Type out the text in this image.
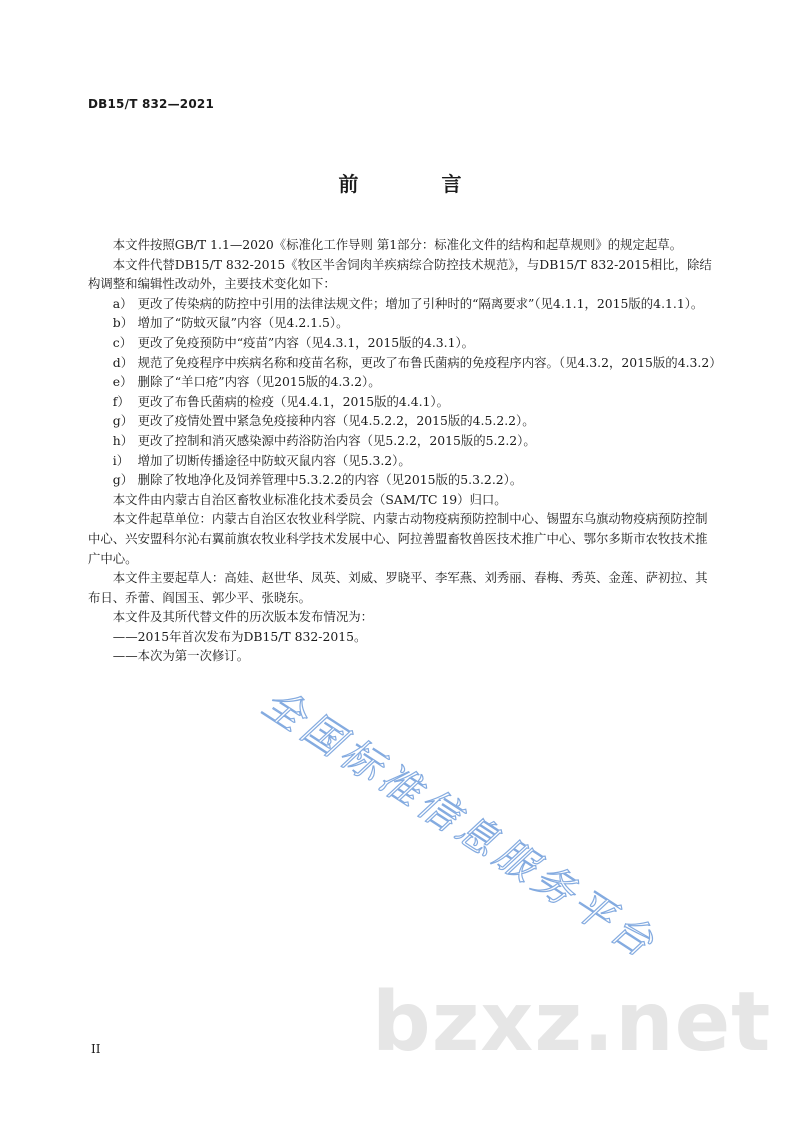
DB15/T 832—2021
前 言

本文件按照GB/T 1.1—2020《标准化工作导则 第1部分：标准化文件的结构和起草规则》的规定起草。

本文件代替DB15/T 832-2015《牧区半舍饲肉羊疾病综合防控技术规范》，与DB15/T 832-2015相比，除结构调整和编辑性改动外，主要技术变化如下：

a） 更改了传染病的防控中引用的法律法规文件；增加了引种时的“隔离要求”（见4.1.1，2015版的4.1.1）。
b） 增加了“防蚊灭鼠”内容（见4.2.1.5）。
c） 更改了免疫预防中“疫苗”内容（见4.3.1，2015版的4.3.1）。
d） 规范了免疫程序中疾病名称和疫苗名称，更改了布鲁氏菌病的免疫程序内容。（见4.3.2，2015版的4.3.2）
e） 删除了“羊口疮”内容（见2015版的4.3.2）。
f） 更改了布鲁氏菌病的检疫（见4.4.1，2015版的4.4.1）。
g） 更改了疫情处置中紧急免疫接种内容（见4.5.2.2，2015版的4.5.2.2）。
h） 更改了控制和消灭感染源中药浴防治内容（见5.2.2，2015版的5.2.2）。
i） 增加了切断传播途径中防蚊灭鼠内容（见5.3.2）。
g） 删除了牧地净化及饲养管理中5.3.2.2的内容（见2015版的5.3.2.2）。

本文件由内蒙古自治区畜牧业标准化技术委员会（SAM/TC 19）归口。

本文件起草单位：内蒙古自治区农牧业科学院、内蒙古动物疫病预防控制中心、锡盟东乌旗动物疫病预防控制中心、兴安盟科尔沁右翼前旗农牧业科学技术发展中心、阿拉善盟畜牧兽医技术推广中心、鄂尔多斯市农牧技术推广中心。

本文件主要起草人：高娃、赵世华、凤英、刘威、罗晓平、李军燕、刘秀丽、春梅、秀英、金莲、萨初拉、其布日、乔蕾、阎国玉、郭少平、张晓东。

本文件及其所代替文件的历次版本发布情况为：

——2015年首次发布为DB15/T 832-2015。

——本次为第一次修订。

全国标准信息服务平台
bzxz.net
II
